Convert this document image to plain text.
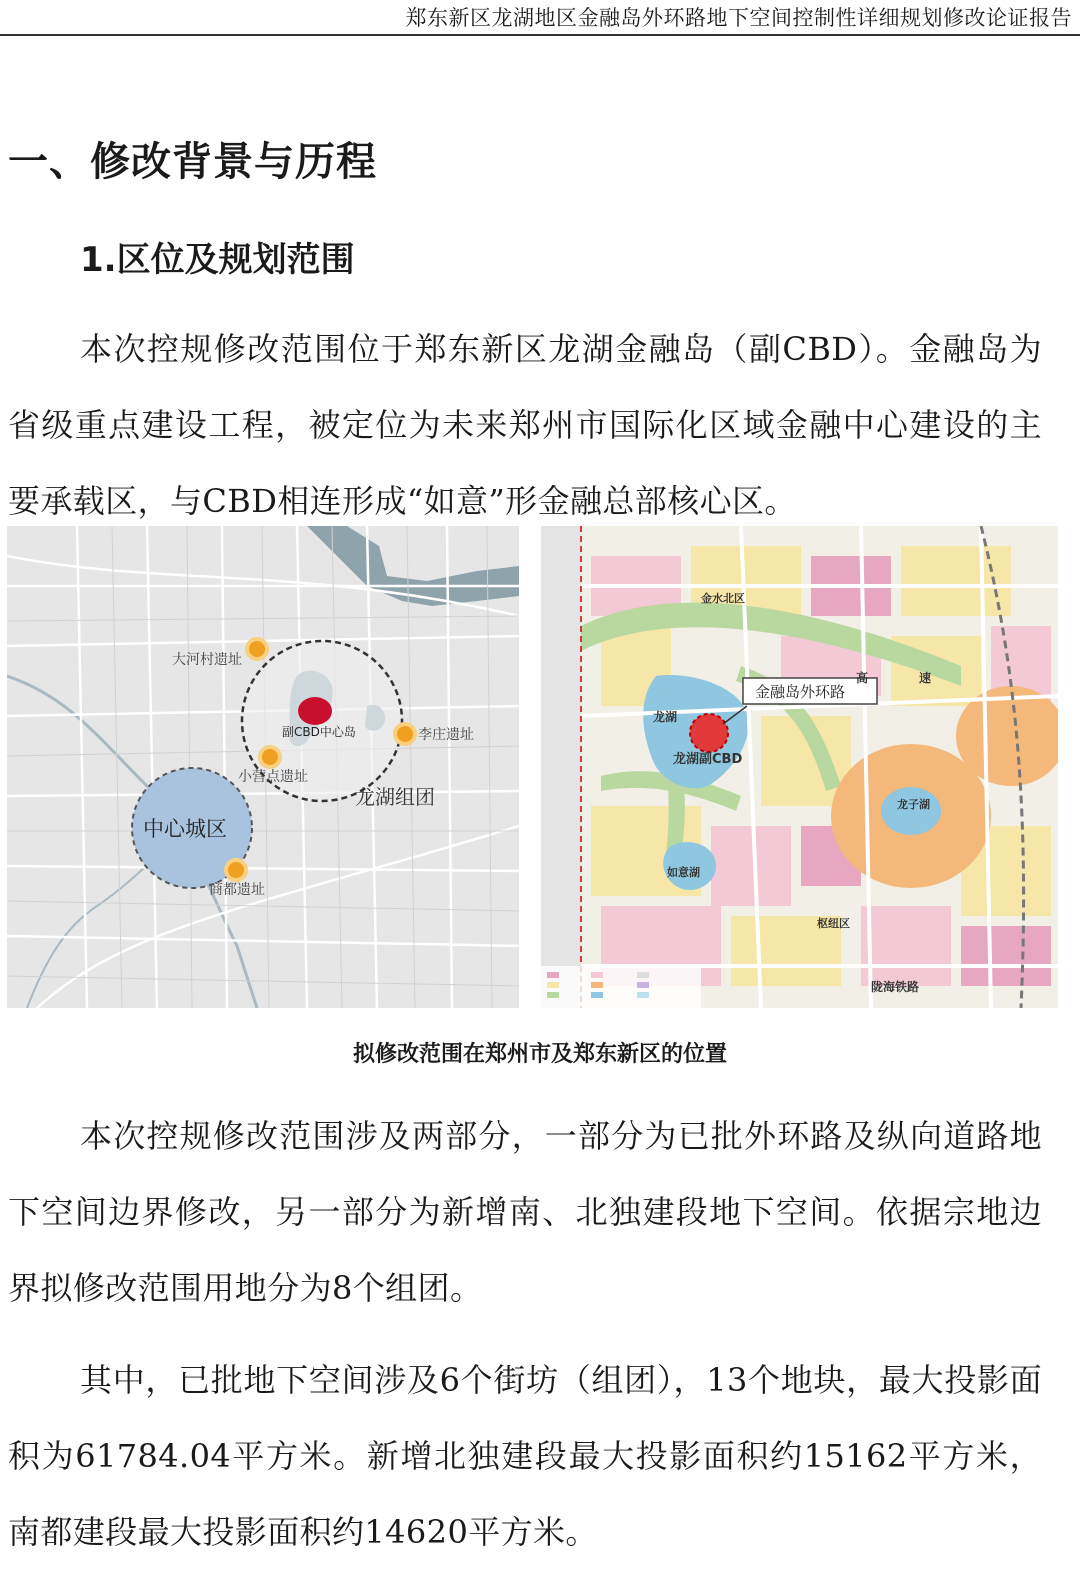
郑东新区龙湖地区金融岛外环路地下空间控制性详细规划修改论证报告
一、修改背景与历程
1.区位及规划范围

本次控规修改范围位于郑东新区龙湖金融岛（副CBD）。金融岛为省级重点建设工程，被定位为未来郑州市国际化区域金融中心建设的主要承载区，与CBD相连形成“如意”形金融总部核心区。

大河村遗址
副CBD中心岛	李庄遗址
小营点遗址
龙湖组团
中心城区
商都遗址
金融岛外环路
金水北区
高	速
龙湖
龙湖副CBD
龙子湖
如意湖
枢纽区
陇海铁路
拟修改范围在郑州市及郑东新区的位置

本次控规修改范围涉及两部分，一部分为已批外环路及纵向道路地下空间边界修改，另一部分为新增南、北独建段地下空间。依据宗地边界拟修改范围用地分为8个组团。

其中，已批地下空间涉及6个街坊（组团），13个地块，最大投影面积为61784.04平方米。新增北独建段最大投影面积约15162平方米，南都建段最大投影面积约14620平方米。
